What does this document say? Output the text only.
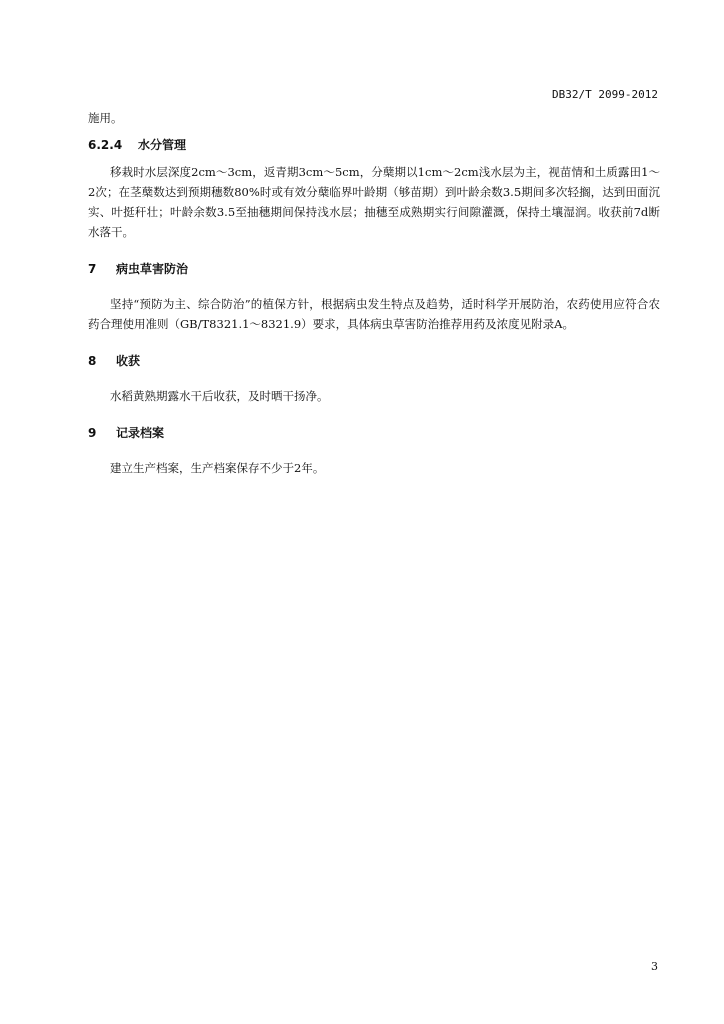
DB32/T 2099-2012

施用。

6.2.4 水分管理

移栽时水层深度2cm～3cm，返青期3cm～5cm，分蘖期以1cm～2cm浅水层为主，视苗情和土质露田1～2次；在茎蘖数达到预期穗数80%时或有效分蘖临界叶龄期（够苗期）到叶龄余数3.5期间多次轻搁，达到田面沉实、叶挺秆壮；叶龄余数3.5至抽穗期间保持浅水层；抽穗至成熟期实行间隙灌溉，保持土壤湿润。收获前7d断水落干。

7 病虫草害防治

坚持“预防为主、综合防治”的植保方针，根据病虫发生特点及趋势，适时科学开展防治，农药使用应符合农药合理使用准则（GB/T8321.1～8321.9）要求，具体病虫草害防治推荐用药及浓度见附录A。

8 收获

水稻黄熟期露水干后收获，及时晒干扬净。

9 记录档案

建立生产档案，生产档案保存不少于2年。

3
